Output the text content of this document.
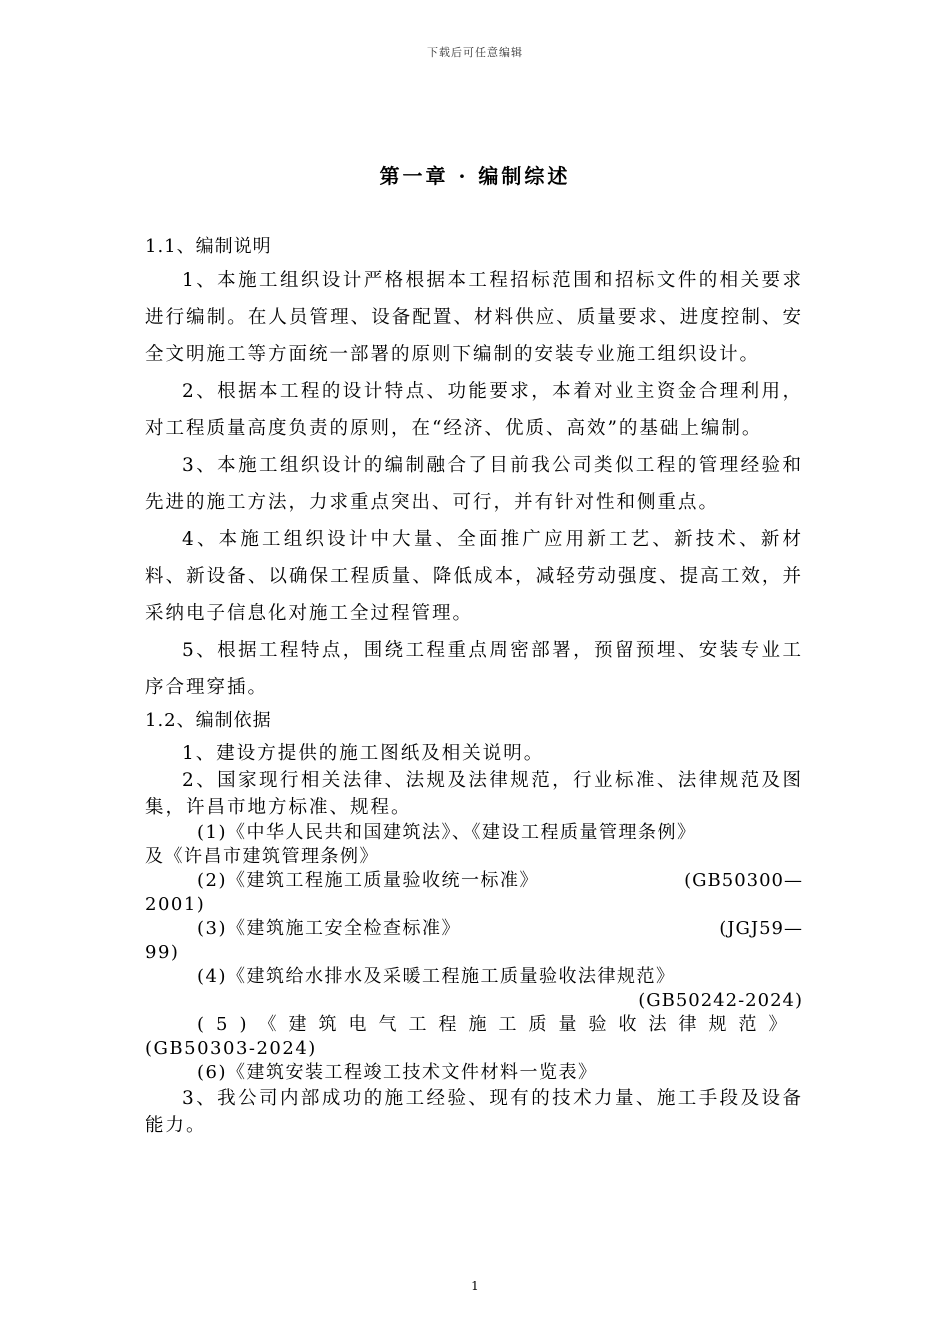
下载后可任意编辑
第一章 · 编制综述

1.1、编制说明

1、本施工组织设计严格根据本工程招标范围和招标文件的相关要求进行编制。在人员管理、设备配置、材料供应、质量要求、进度控制、安全文明施工等方面统一部署的原则下编制的安装专业施工组织设计。

2、根据本工程的设计特点、功能要求，本着对业主资金合理利用，对工程质量高度负责的原则，在“经济、优质、高效”的基础上编制。

3、本施工组织设计的编制融合了目前我公司类似工程的管理经验和先进的施工方法，力求重点突出、可行，并有针对性和侧重点。

4、本施工组织设计中大量、全面推广应用新工艺、新技术、新材料、新设备、以确保工程质量、降低成本，减轻劳动强度、提高工效，并采纳电子信息化对施工全过程管理。

5、根据工程特点，围绕工程重点周密部署，预留预埋、安装专业工序合理穿插。

1.2、编制依据

1、建设方提供的施工图纸及相关说明。

2、国家现行相关法律、法规及法律规范，行业标准、法律规范及图集，许昌市地方标准、规程。

(1)《中华人民共和国建筑法》、《建设工程质量管理条例》
及《许昌市建筑管理条例》

(2)《建筑工程施工质量验收统一标准》	(GB50300—
2001)

(3)《建筑施工安全检查标准》	(JGJ59—
99)

(4)《建筑给水排水及采暖工程施工质量验收法律规范》
(GB50242-2024)

(5)《建筑电气工程施工质量验收法律规范》
(GB50303-2024)

(6)《建筑安装工程竣工技术文件材料一览表》

3、我公司内部成功的施工经验、现有的技术力量、施工手段及设备能力。

1
